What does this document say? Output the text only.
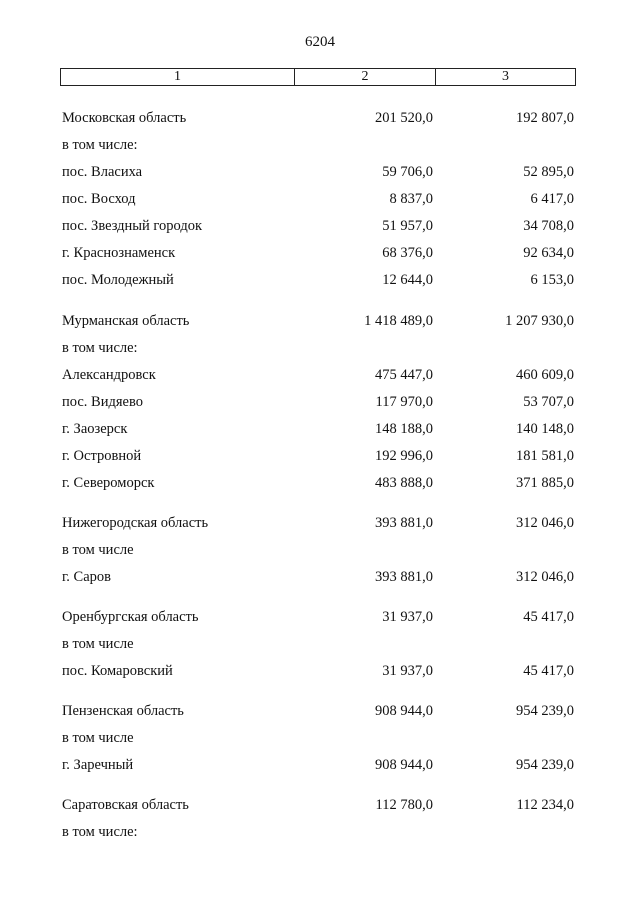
6204
1	2	3
Московская область	201 520,0	192 807,0
в том числе:
пос. Власиха	59 706,0	52 895,0
пос. Восход	8 837,0	6 417,0
пос. Звездный городок	51 957,0	34 708,0
г. Краснознаменск	68 376,0	92 634,0
пос. Молодежный	12 644,0	6 153,0
Мурманская область	1 418 489,0	1 207 930,0
в том числе:
Александровск	475 447,0	460 609,0
пос. Видяево	117 970,0	53 707,0
г. Заозерск	148 188,0	140 148,0
г. Островной	192 996,0	181 581,0
г. Североморск	483 888,0	371 885,0
Нижегородская область	393 881,0	312 046,0
в том числе
г. Саров	393 881,0	312 046,0
Оренбургская область	31 937,0	45 417,0
в том числе
пос. Комаровский	31 937,0	45 417,0
Пензенская область	908 944,0	954 239,0
в том числе
г. Заречный	908 944,0	954 239,0
Саратовская область	112 780,0	112 234,0
в том числе:
